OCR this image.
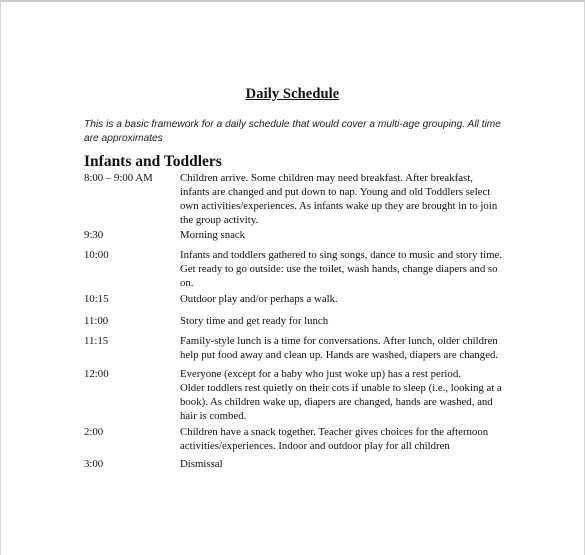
Daily Schedule
This is a basic framework for a daily schedule that would cover a multi-age grouping. All time
are approximates
Infants and Toddlers
8:00 – 9:00 AM	Children arrive. Some children may need breakfast. After breakfast,
infants are changed and put down to nap. Young and old Toddlers select
own activities/experiences. As infants wake up they are brought in to join
the group activity.
9:30	Morning snack
10:00	Infants and toddlers gathered to sing songs, dance to music and story time.
Get ready to go outside: use the toilet, wash hands, change diapers and so
on.
10:15	Outdoor play and/or perhaps a walk.
11:00	Story time and get ready for lunch
11:15	Family-style lunch is a time for conversations. After lunch, older children
help put food away and clean up. Hands are washed, diapers are changed.
12:00	Everyone (except for a baby who just woke up) has a rest period.
Older toddlers rest quietly on their cots if unable to sleep (i.e., looking at a
book). As children wake up, diapers are changed, hands are washed, and
hair is combed.
2:00	Children have a snack together. Teacher gives choices for the afternoon
activities/experiences. Indoor and outdoor play for all children
3:00	Dismissal
